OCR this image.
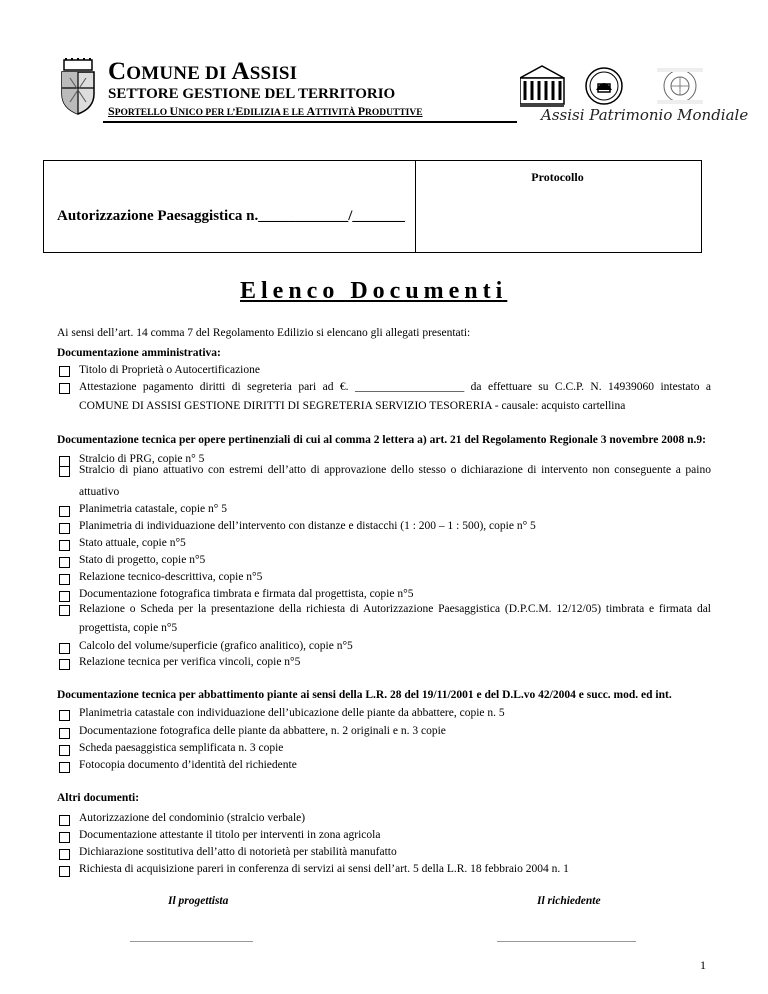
COMUNE DI ASSISI
SETTORE GESTIONE DEL TERRITORIO
SPORTELLO UNICO PER L’EDILIZIA E LE ATTIVITÀ PRODUTTIVE	Assisi Patrimonio Mondiale
Protocollo
Autorizzazione Paesaggistica n.____________/_______
Elenco Documenti
Ai sensi dell’art. 14 comma 7 del Regolamento Edilizio si elencano gli allegati presentati:
Documentazione amministrativa:
Titolo di Proprietà o Autocertificazione
Attestazione pagamento diritti di segreteria pari ad €. ___________________ da effettuare su C.C.P. N. 14939060 intestato a
COMUNE DI ASSISI GESTIONE DIRITTI DI SEGRETERIA SERVIZIO TESORERIA - causale: acquisto cartellina
Documentazione tecnica per opere pertinenziali di cui al comma 2 lettera a) art. 21 del Regolamento Regionale 3 novembre 2008 n.9:
Stralcio di PRG, copie n° 5
Stralcio di piano attuativo con estremi dell’atto di approvazione dello stesso o dichiarazione di intervento non conseguente a paino
attuativo
Planimetria catastale, copie n° 5
Planimetria di individuazione dell’intervento con distanze e distacchi (1 : 200 – 1 : 500), copie n° 5
Stato attuale, copie n°5
Stato di progetto, copie n°5
Relazione tecnico-descrittiva, copie n°5
Documentazione fotografica timbrata e firmata dal progettista, copie n°5
Relazione o Scheda per la presentazione della richiesta di Autorizzazione Paesaggistica (D.P.C.M. 12/12/05) timbrata e firmata dal
progettista, copie n°5
Calcolo del volume/superficie (grafico analitico), copie n°5
Relazione tecnica per verifica vincoli, copie n°5
Documentazione tecnica per abbattimento piante ai sensi della L.R. 28 del 19/11/2001 e del D.L.vo 42/2004 e succ. mod. ed int.
Planimetria catastale con individuazione dell’ubicazione delle piante da abbattere, copie n. 5
Documentazione fotografica delle piante da abbattere, n. 2 originali e n. 3 copie
Scheda paesaggistica semplificata n. 3 copie
Fotocopia documento d’identità del richiedente
Altri documenti:
Autorizzazione del condominio (stralcio verbale)
Documentazione attestante il titolo per interventi in zona agricola
Dichiarazione sostitutiva dell’atto di notorietà per stabilità manufatto
Richiesta di acquisizione pareri in conferenza di servizi ai sensi dell’art. 5 della L.R. 18 febbraio 2004 n. 1
Il progettista	Il richiedente
1
